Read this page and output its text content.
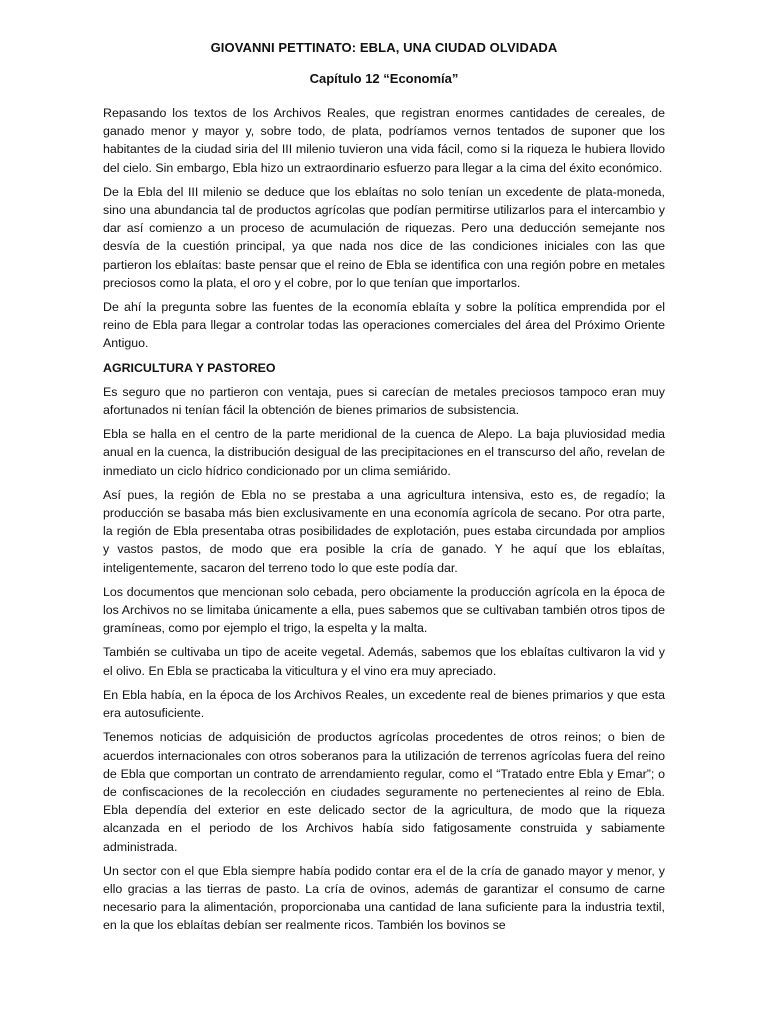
GIOVANNI PETTINATO: EBLA, UNA CIUDAD OLVIDADA
Capítulo 12 “Economía”

Repasando los textos de los Archivos Reales, que registran enormes cantidades de cereales, de ganado menor y mayor y, sobre todo, de plata, podríamos vernos tentados de suponer que los habitantes de la ciudad siria del III milenio tuvieron una vida fácil, como si la riqueza le hubiera llovido del cielo. Sin embargo, Ebla hizo un extraordinario esfuerzo para llegar a la cima del éxito económico.

De la Ebla del III milenio se deduce que los eblaítas no solo tenían un excedente de plata-moneda, sino una abundancia tal de productos agrícolas que podían permitirse utilizarlos para el intercambio y dar así comienzo a un proceso de acumulación de riquezas. Pero una deducción semejante nos desvía de la cuestión principal, ya que nada nos dice de las condiciones iniciales con las que partieron los eblaítas: baste pensar que el reino de Ebla se identifica con una región pobre en metales preciosos como la plata, el oro y el cobre, por lo que tenían que importarlos.

De ahí la pregunta sobre las fuentes de la economía eblaíta y sobre la política emprendida por el reino de Ebla para llegar a controlar todas las operaciones comerciales del área del Próximo Oriente Antiguo.

AGRICULTURA Y PASTOREO

Es seguro que no partieron con ventaja, pues si carecían de metales preciosos tampoco eran muy afortunados ni tenían fácil la obtención de bienes primarios de subsistencia.

Ebla se halla en el centro de la parte meridional de la cuenca de Alepo. La baja pluviosidad media anual en la cuenca, la distribución desigual de las precipitaciones en el transcurso del año, revelan de inmediato un ciclo hídrico condicionado por un clima semiárido.

Así pues, la región de Ebla no se prestaba a una agricultura intensiva, esto es, de regadío; la producción se basaba más bien exclusivamente en una economía agrícola de secano. Por otra parte, la región de Ebla presentaba otras posibilidades de explotación, pues estaba circundada por amplios y vastos pastos, de modo que era posible la cría de ganado. Y he aquí que los eblaítas, inteligentemente, sacaron del terreno todo lo que este podía dar.

Los documentos que mencionan solo cebada, pero obciamente la producción agrícola en la época de los Archivos no se limitaba únicamente a ella, pues sabemos que se cultivaban también otros tipos de gramíneas, como por ejemplo el trigo, la espelta y la malta.

También se cultivaba un tipo de aceite vegetal. Además, sabemos que los eblaítas cultivaron la vid y el olivo. En Ebla se practicaba la viticultura y el vino era muy apreciado.

En Ebla había, en la época de los Archivos Reales, un excedente real de bienes primarios y que esta era autosuficiente.

Tenemos noticias de adquisición de productos agrícolas procedentes de otros reinos; o bien de acuerdos internacionales con otros soberanos para la utilización de terrenos agrícolas fuera del reino de Ebla que comportan un contrato de arrendamiento regular, como el “Tratado entre Ebla y Emar”; o de confiscaciones de la recolección en ciudades seguramente no pertenecientes al reino de Ebla. Ebla dependía del exterior en este delicado sector de la agricultura, de modo que la riqueza alcanzada en el periodo de los Archivos había sido fatigosamente construida y sabiamente administrada.

Un sector con el que Ebla siempre había podido contar era el de la cría de ganado mayor y menor, y ello gracias a las tierras de pasto. La cría de ovinos, además de garantizar el consumo de carne necesario para la alimentación, proporcionaba una cantidad de lana suficiente para la industria textil, en la que los eblaítas debían ser realmente ricos. También los bovinos se
